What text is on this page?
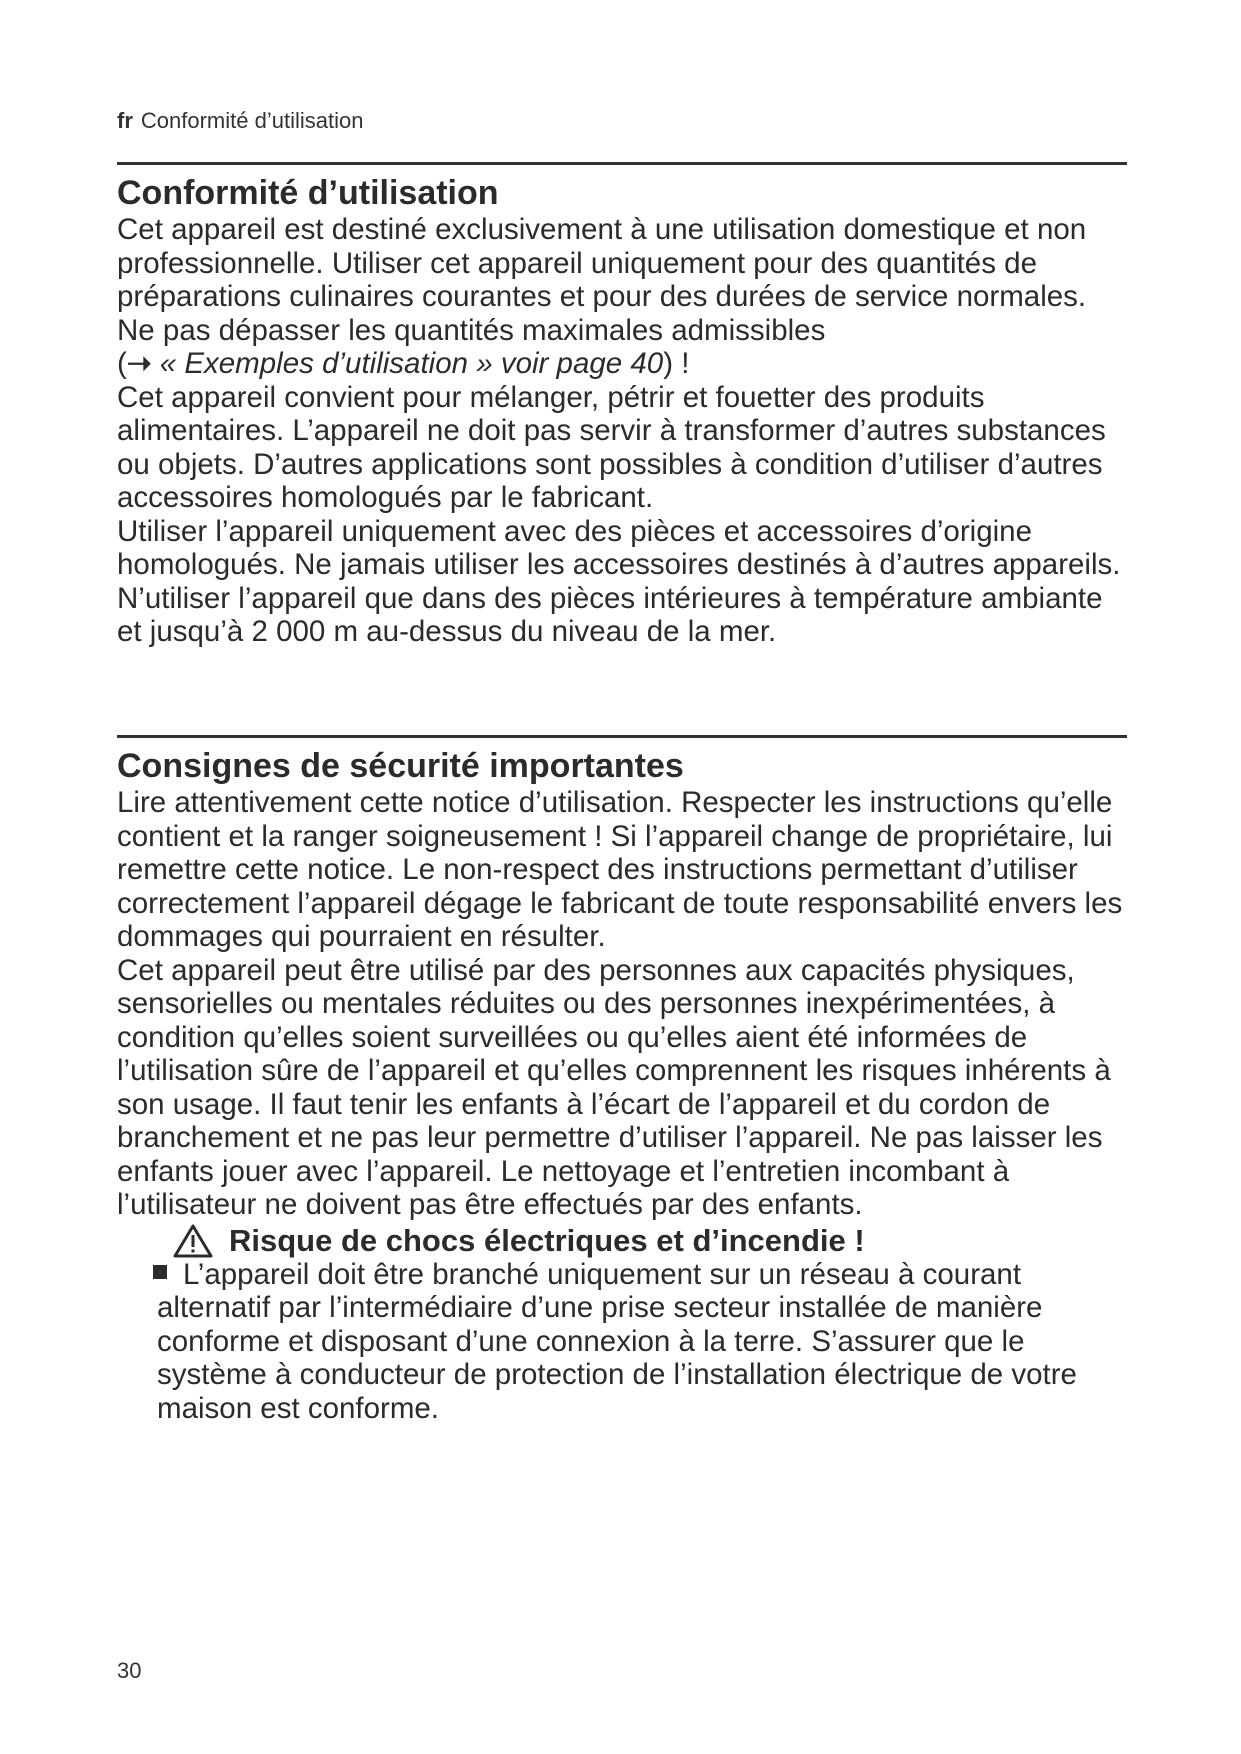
fr Conformité d’utilisation
Conformité d’utilisation

Cet appareil est destiné exclusivement à une utilisation domestique et non professionnelle. Utiliser cet appareil uniquement pour des quantités de préparations culinaires courantes et pour des durées de service normales.

Ne pas dépasser les quantités maximales admissibles

(➝ « Exemples d’utilisation » voir page 40) !

Cet appareil convient pour mélanger, pétrir et fouetter des produits alimentaires. L’appareil ne doit pas servir à transformer d’autres substances ou objets. D’autres applications sont possibles à condition d’utiliser d’autres accessoires homologués par le fabricant.

Utiliser l’appareil uniquement avec des pièces et accessoires d’origine homologués. Ne jamais utiliser les accessoires destinés à d’autres appareils.

N’utiliser l’appareil que dans des pièces intérieures à température ambiante et jusqu’à 2 000 m au-dessus du niveau de la mer.

Consignes de sécurité importantes

Lire attentivement cette notice d’utilisation. Respecter les instructions qu’elle contient et la ranger soigneusement ! Si l’appareil change de propriétaire, lui remettre cette notice. Le non-respect des instructions permettant d’utiliser correctement l’appareil dégage le fabricant de toute responsabilité envers les dommages qui pourraient en résulter.

Cet appareil peut être utilisé par des personnes aux capacités physiques, sensorielles ou mentales réduites ou des personnes inexpérimentées, à condition qu’elles soient surveillées ou qu’elles aient été informées de l’utilisation sûre de l’appareil et qu’elles comprennent les risques inhérents à son usage. Il faut tenir les enfants à l’écart de l’appareil et du cordon de branchement et ne pas leur permettre d’utiliser l’appareil. Ne pas laisser les enfants jouer avec l’appareil. Le nettoyage et l’entretien incombant à l’utilisateur ne doivent pas être effectués par des enfants.

Risque de chocs électriques et d’incendie !
L’appareil doit être branché uniquement sur un réseau à courant alternatif par l’intermédiaire d’une prise secteur installée de manière conforme et disposant d’une connexion à la terre. S’assurer que le système à conducteur de protection de l’installation électrique de votre maison est conforme.
30
